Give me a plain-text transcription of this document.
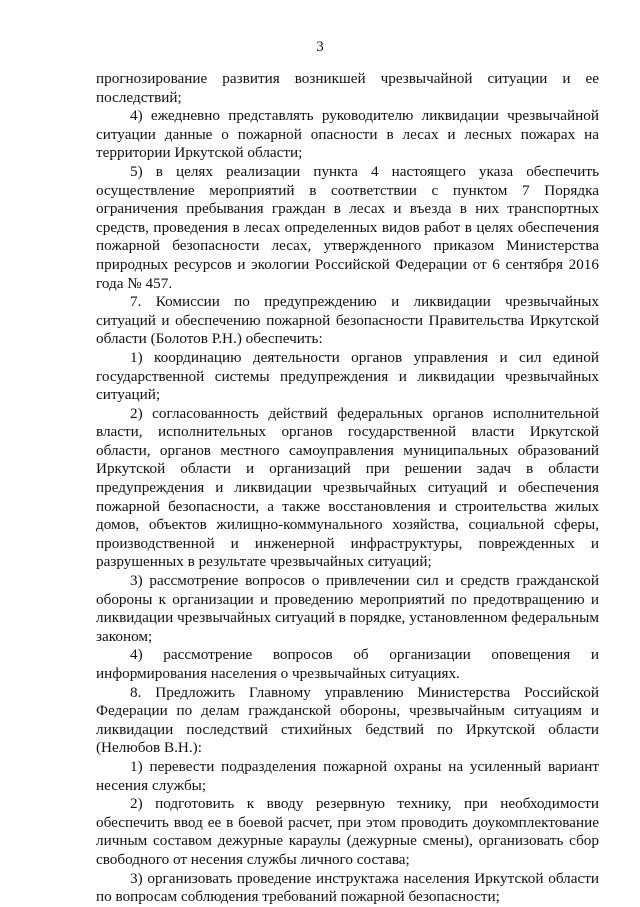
3

прогнозирование развития возникшей чрезвычайной ситуации и ее последствий;

4) ежедневно представлять руководителю ликвидации чрезвычайной ситуации данные о пожарной опасности в лесах и лесных пожарах на территории Иркутской области;

5) в целях реализации пункта 4 настоящего указа обеспечить осуществление мероприятий в соответствии с пунктом 7 Порядка ограничения пребывания граждан в лесах и въезда в них транспортных средств, проведения в лесах определенных видов работ в целях обеспечения пожарной безопасности лесах, утвержденного приказом Министерства природных ресурсов и экологии Российской Федерации от 6 сентября 2016 года № 457.

7. Комиссии по предупреждению и ликвидации чрезвычайных ситуаций и обеспечению пожарной безопасности Правительства Иркутской области (Болотов Р.Н.) обеспечить:

1) координацию деятельности органов управления и сил единой государственной системы предупреждения и ликвидации чрезвычайных ситуаций;

2) согласованность действий федеральных органов исполнительной власти, исполнительных органов государственной власти Иркутской области, органов местного самоуправления муниципальных образований Иркутской области и организаций при решении задач в области предупреждения и ликвидации чрезвычайных ситуаций и обеспечения пожарной безопасности, а также восстановления и строительства жилых домов, объектов жилищно-коммунального хозяйства, социальной сферы, производственной и инженерной инфраструктуры, поврежденных и разрушенных в результате чрезвычайных ситуаций;

3) рассмотрение вопросов о привлечении сил и средств гражданской обороны к организации и проведению мероприятий по предотвращению и ликвидации чрезвычайных ситуаций в порядке, установленном федеральным законом;

4) рассмотрение вопросов об организации оповещения и информирования населения о чрезвычайных ситуациях.

8. Предложить Главному управлению Министерства Российской Федерации по делам гражданской обороны, чрезвычайным ситуациям и ликвидации последствий стихийных бедствий по Иркутской области (Нелюбов В.Н.):

1) перевести подразделения пожарной охраны на усиленный вариант несения службы;

2) подготовить к вводу резервную технику, при необходимости обеспечить ввод ее в боевой расчет, при этом проводить доукомплектование личным составом дежурные караулы (дежурные смены), организовать сбор свободного от несения службы личного состава;

3) организовать проведение инструктажа населения Иркутской области по вопросам соблюдения требований пожарной безопасности;
